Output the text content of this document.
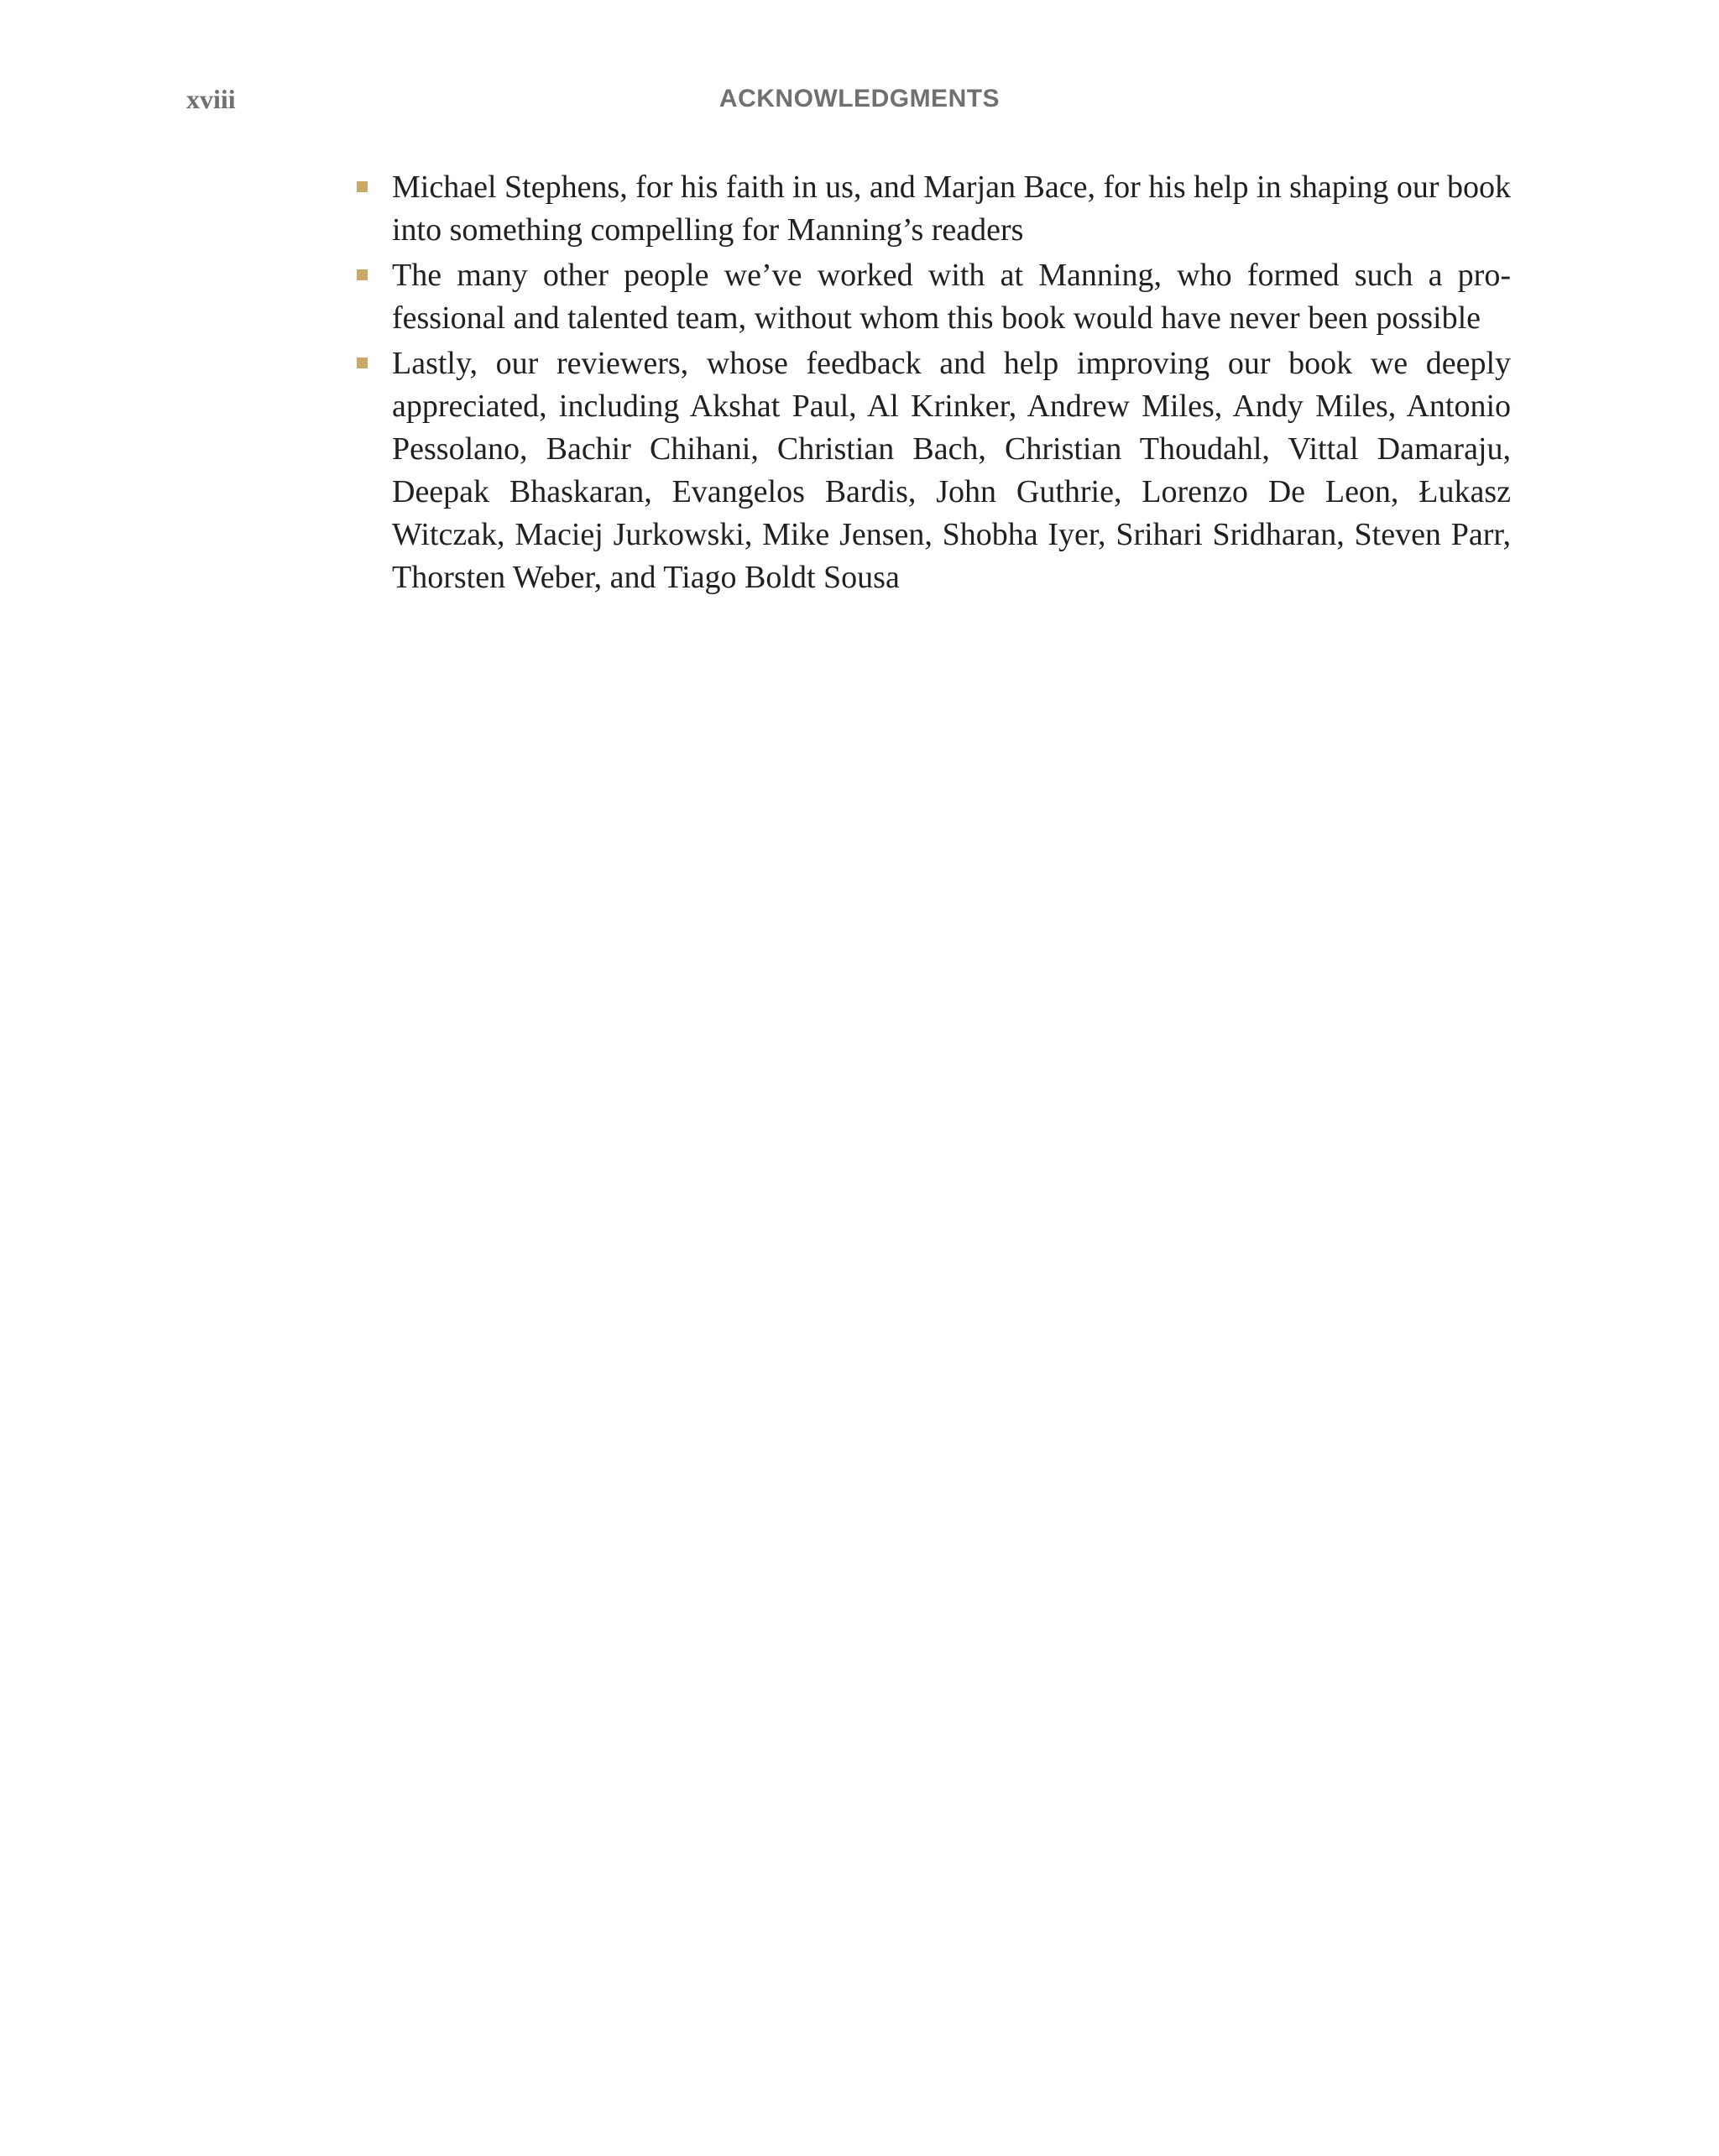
xviii	ACKNOWLEDGMENTS
Michael Stephens, for his faith in us, and Marjan Bace, for his help in shaping our book into something compelling for Manning’s readers
The many other people we’ve worked with at Manning, who formed such a professional and talented team, without whom this book would have never been possible
Lastly, our reviewers, whose feedback and help improving our book we deeply appreciated, including Akshat Paul, Al Krinker, Andrew Miles, Andy Miles, Antonio Pessolano, Bachir Chihani, Christian Bach, Christian Thoudahl, Vittal Damaraju, Deepak Bhaskaran, Evangelos Bardis, John Guthrie, Lorenzo De Leon, Łukasz Witczak, Maciej Jurkowski, Mike Jensen, Shobha Iyer, Srihari Sridharan, Steven Parr, Thorsten Weber, and Tiago Boldt Sousa
